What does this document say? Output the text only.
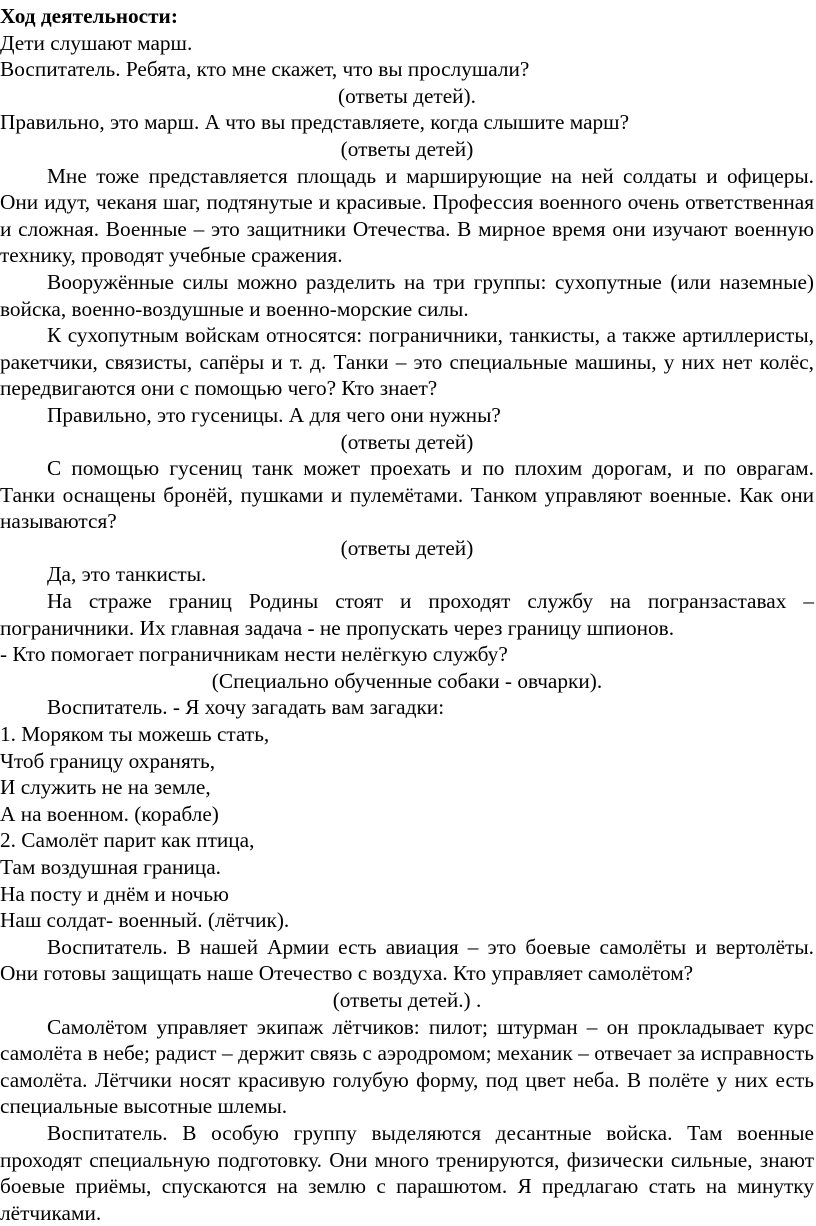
Ход деятельности:

Дети слушают марш.

Воспитатель. Ребята, кто мне скажет, что вы прослушали?

(ответы детей).

Правильно, это марш. А что вы представляете, когда слышите марш?

(ответы детей)

Мне тоже представляется площадь и марширующие на ней солдаты и офицеры. Они идут, чеканя шаг, подтянутые и красивые. Профессия военного очень ответственная и сложная. Военные – это защитники Отечества. В мирное время они изучают военную технику, проводят учебные сражения.

Вооружённые силы можно разделить на три группы: сухопутные (или наземные) войска, военно-воздушные и военно-морские силы.

К сухопутным войскам относятся: пограничники, танкисты, а также артиллеристы, ракетчики, связисты, сапёры и т. д. Танки – это специальные машины, у них нет колёс, передвигаются они с помощью чего? Кто знает?

Правильно, это гусеницы. А для чего они нужны?

(ответы детей)

С помощью гусениц танк может проехать и по плохим дорогам, и по оврагам. Танки оснащены бронёй, пушками и пулемётами. Танком управляют военные. Как они называются?

(ответы детей)

Да, это танкисты.

На страже границ Родины стоят и проходят службу на погранзаставах – пограничники. Их главная задача - не пропускать через границу шпионов.

- Кто помогает пограничникам нести нелёгкую службу?

(Специально обученные собаки - овчарки).

Воспитатель. - Я хочу загадать вам загадки:

1. Моряком ты можешь стать,

Чтоб границу охранять,

И служить не на земле,

А на военном. (корабле)

2. Самолёт парит как птица,

Там воздушная граница.

На посту и днём и ночью

Наш солдат- военный. (лётчик).

Воспитатель. В нашей Армии есть авиация – это боевые самолёты и вертолёты. Они готовы защищать наше Отечество с воздуха. Кто управляет самолётом?

(ответы детей.) .

Самолётом управляет экипаж лётчиков: пилот; штурман – он прокладывает курс самолёта в небе; радист – держит связь с аэродромом; механик – отвечает за исправность самолёта. Лётчики носят красивую голубую форму, под цвет неба. В полёте у них есть специальные высотные шлемы.

Воспитатель. В особую группу выделяются десантные войска. Там военные проходят специальную подготовку. Они много тренируются, физически сильные, знают боевые приёмы, спускаются на землю с парашютом. Я предлагаю стать на минутку лётчиками.
